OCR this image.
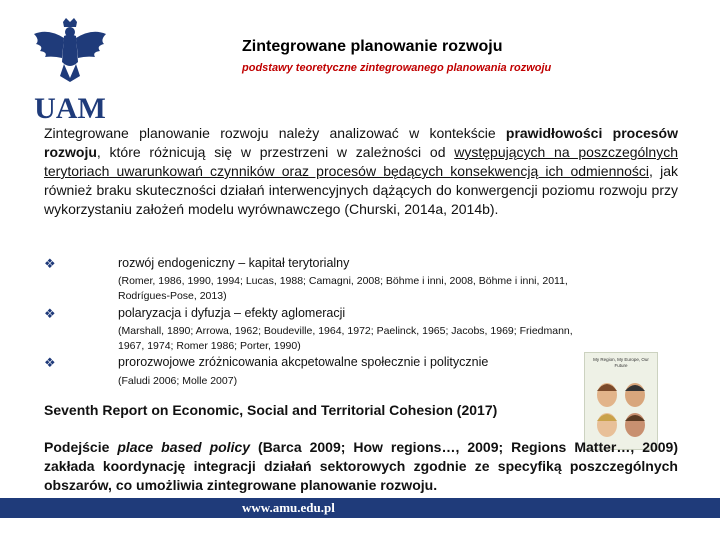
UAM
Zintegrowane planowanie rozwoju
podstawy teoretyczne zintegrowanego planowania rozwoju
Zintegrowane planowanie rozwoju należy analizować w kontekście prawidłowości procesów rozwoju, które różnicują się w przestrzeni w zależności od występujących na poszczególnych terytoriach uwarunkowań czynników oraz procesów będących konsekwencją ich odmienności, jak również braku skuteczności działań interwencyjnych dążących do konwergencji poziomu rozwoju przy wykorzystaniu założeń modelu wyrównawczego (Churski, 2014a, 2014b).
❖	rozwój endogeniczny – kapitał terytorialny
(Romer, 1986, 1990, 1994; Lucas, 1988; Camagni, 2008; Böhme i inni, 2008, Böhme i inni, 2011, Rodrígues-Pose, 2013)
❖	polaryzacja i dyfuzja – efekty aglomeracji
(Marshall, 1890; Arrowa, 1962; Boudeville, 1964, 1972; Paelinck, 1965; Jacobs, 1969; Friedmann, 1967, 1974; Romer 1986; Porter, 1990)
❖	prorozwojowe zróżnicowania akcpetowalne społecznie i politycznie
(Faludi 2006; Molle 2007)
My Region, My Europe, Our Future
Seventh Report on Economic, Social and Territorial Cohesion (2017)
Podejście place based policy (Barca 2009; How regions…, 2009; Regions Matter…, 2009) zakłada koordynację integracji działań sektorowych zgodnie ze specyfiką poszczególnych obszarów, co umożliwia zintegrowane planowanie rozwoju.
www.amu.edu.pl
